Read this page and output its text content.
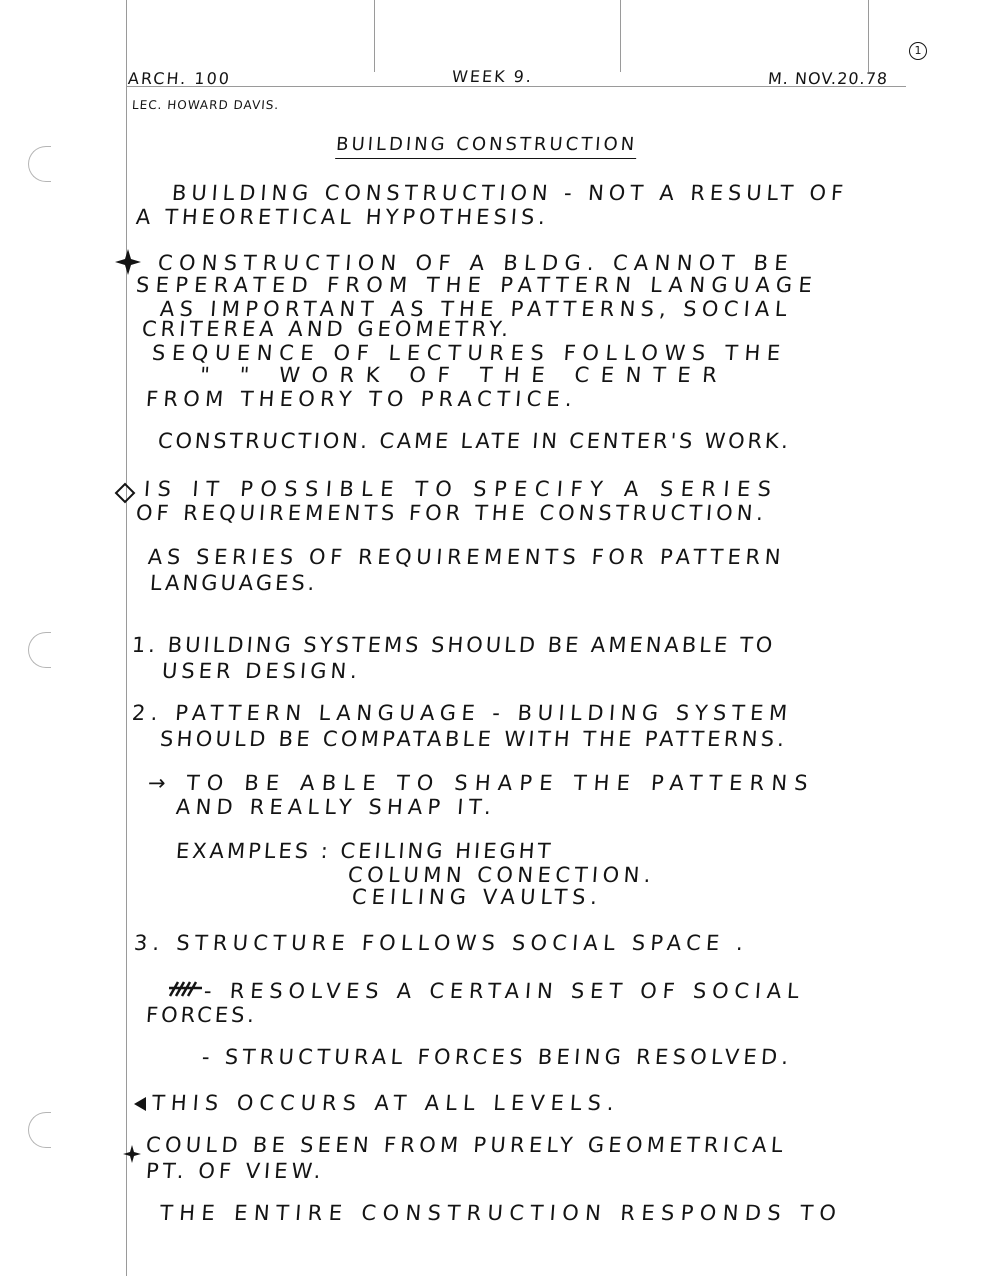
1
ARCH. 100	WEEK 9.	M. NOV.20.78
LEC. HOWARD DAVIS.
BUILDING CONSTRUCTION
BUILDING CONSTRUCTION - NOT A RESULT OF
A THEORETICAL HYPOTHESIS.
CONSTRUCTION OF A BLDG. CANNOT BE
SEPERATED FROM THE PATTERN LANGUAGE
AS IMPORTANT AS THE PATTERNS, SOCIAL
CRITEREA AND GEOMETRY.
SEQUENCE OF LECTURES FOLLOWS THE
" " WORK OF THE CENTER
FROM THEORY TO PRACTICE.
CONSTRUCTION. CAME LATE IN CENTER'S WORK.
IS IT POSSIBLE TO SPECIFY A SERIES
OF REQUIREMENTS FOR THE CONSTRUCTION.
AS SERIES OF REQUIREMENTS FOR PATTERN
LANGUAGES.
1. BUILDING SYSTEMS SHOULD BE AMENABLE TO
USER DESIGN.
2. PATTERN LANGUAGE - BUILDING SYSTEM
SHOULD BE COMPATABLE WITH THE PATTERNS.
→ TO BE ABLE TO SHAPE THE PATTERNS
AND REALLY SHAP IT.
EXAMPLES : CEILING HIEGHT
COLUMN CONECTION.
CEILING VAULTS.
3. STRUCTURE FOLLOWS SOCIAL SPACE .
- RESOLVES A CERTAIN SET OF SOCIAL
FORCES.
- STRUCTURAL FORCES BEING RESOLVED.
THIS OCCURS AT ALL LEVELS.
COULD BE SEEN FROM PURELY GEOMETRICAL
PT. OF VIEW.
THE ENTIRE CONSTRUCTION RESPONDS TO
